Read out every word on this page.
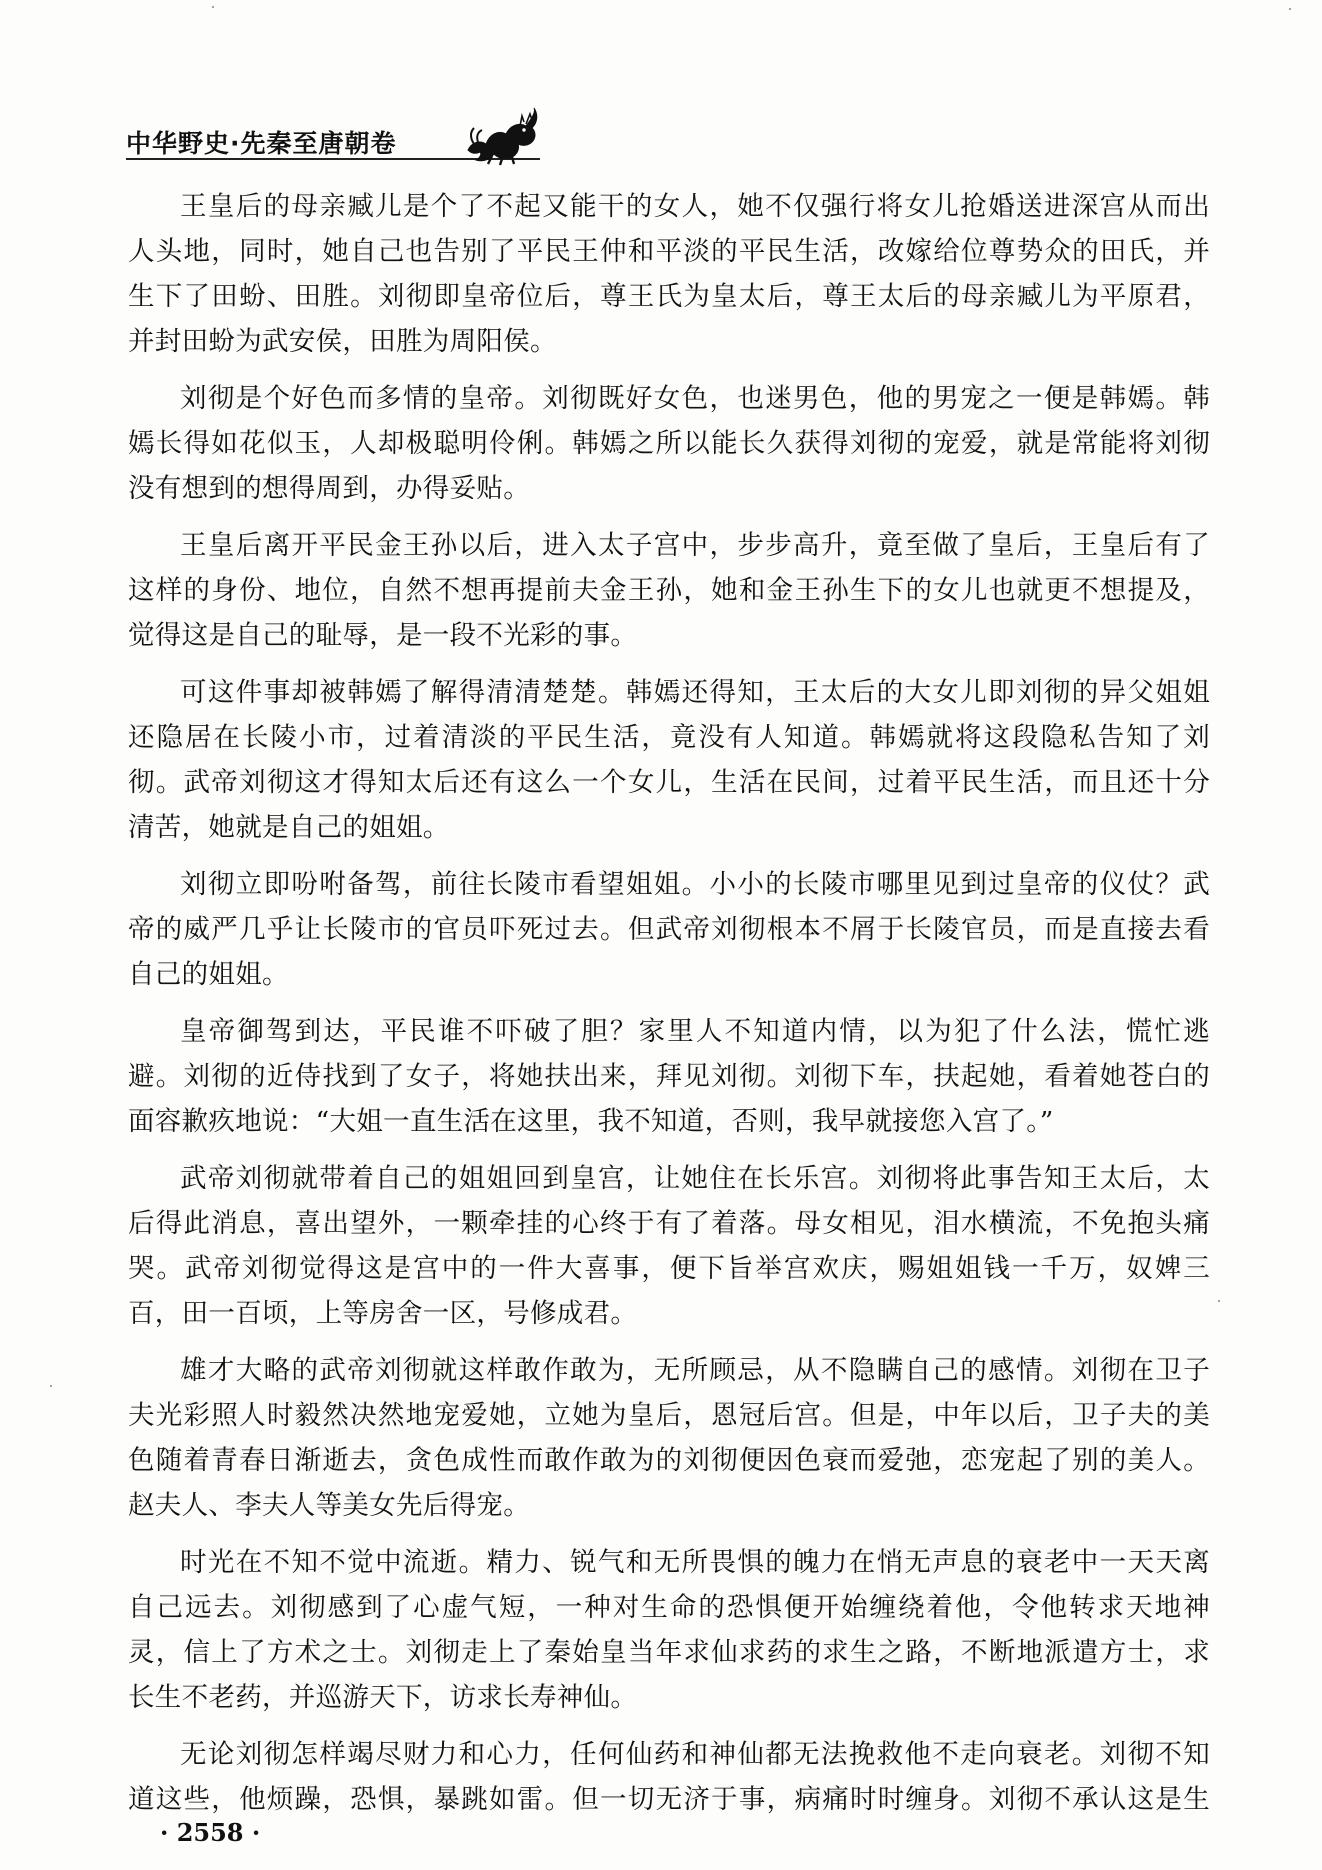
中华野史·先秦至唐朝卷

王皇后的母亲臧儿是个了不起又能干的女人，她不仅强行将女儿抢婚送进深宫从而出
人头地，同时，她自己也告别了平民王仲和平淡的平民生活，改嫁给位尊势众的田氏，并
生下了田蚡、田胜。刘彻即皇帝位后，尊王氏为皇太后，尊王太后的母亲臧儿为平原君，
并封田蚡为武安侯，田胜为周阳侯。

刘彻是个好色而多情的皇帝。刘彻既好女色，也迷男色，他的男宠之一便是韩嫣。韩
嫣长得如花似玉，人却极聪明伶俐。韩嫣之所以能长久获得刘彻的宠爱，就是常能将刘彻
没有想到的想得周到，办得妥贴。

王皇后离开平民金王孙以后，进入太子宫中，步步高升，竟至做了皇后，王皇后有了
这样的身份、地位，自然不想再提前夫金王孙，她和金王孙生下的女儿也就更不想提及，
觉得这是自己的耻辱，是一段不光彩的事。

可这件事却被韩嫣了解得清清楚楚。韩嫣还得知，王太后的大女儿即刘彻的异父姐姐
还隐居在长陵小市，过着清淡的平民生活，竟没有人知道。韩嫣就将这段隐私告知了刘
彻。武帝刘彻这才得知太后还有这么一个女儿，生活在民间，过着平民生活，而且还十分
清苦，她就是自己的姐姐。

刘彻立即吩咐备驾，前往长陵市看望姐姐。小小的长陵市哪里见到过皇帝的仪仗？武
帝的威严几乎让长陵市的官员吓死过去。但武帝刘彻根本不屑于长陵官员，而是直接去看
自己的姐姐。

皇帝御驾到达，平民谁不吓破了胆？家里人不知道内情，以为犯了什么法，慌忙逃
避。刘彻的近侍找到了女子，将她扶出来，拜见刘彻。刘彻下车，扶起她，看着她苍白的
面容歉疚地说：“大姐一直生活在这里，我不知道，否则，我早就接您入宫了。”

武帝刘彻就带着自己的姐姐回到皇宫，让她住在长乐宫。刘彻将此事告知王太后，太
后得此消息，喜出望外，一颗牵挂的心终于有了着落。母女相见，泪水横流，不免抱头痛
哭。武帝刘彻觉得这是宫中的一件大喜事，便下旨举宫欢庆，赐姐姐钱一千万，奴婢三
百，田一百顷，上等房舍一区，号修成君。

雄才大略的武帝刘彻就这样敢作敢为，无所顾忌，从不隐瞒自己的感情。刘彻在卫子
夫光彩照人时毅然决然地宠爱她，立她为皇后，恩冠后宫。但是，中年以后，卫子夫的美
色随着青春日渐逝去，贪色成性而敢作敢为的刘彻便因色衰而爱弛，恋宠起了别的美人。
赵夫人、李夫人等美女先后得宠。

时光在不知不觉中流逝。精力、锐气和无所畏惧的魄力在悄无声息的衰老中一天天离
自己远去。刘彻感到了心虚气短，一种对生命的恐惧便开始缠绕着他，令他转求天地神
灵，信上了方术之士。刘彻走上了秦始皇当年求仙求药的求生之路，不断地派遣方士，求
长生不老药，并巡游天下，访求长寿神仙。

无论刘彻怎样竭尽财力和心力，任何仙药和神仙都无法挽救他不走向衰老。刘彻不知
道这些，他烦躁，恐惧，暴跳如雷。但一切无济于事，病痛时时缠身。刘彻不承认这是生

· 2558 ·
